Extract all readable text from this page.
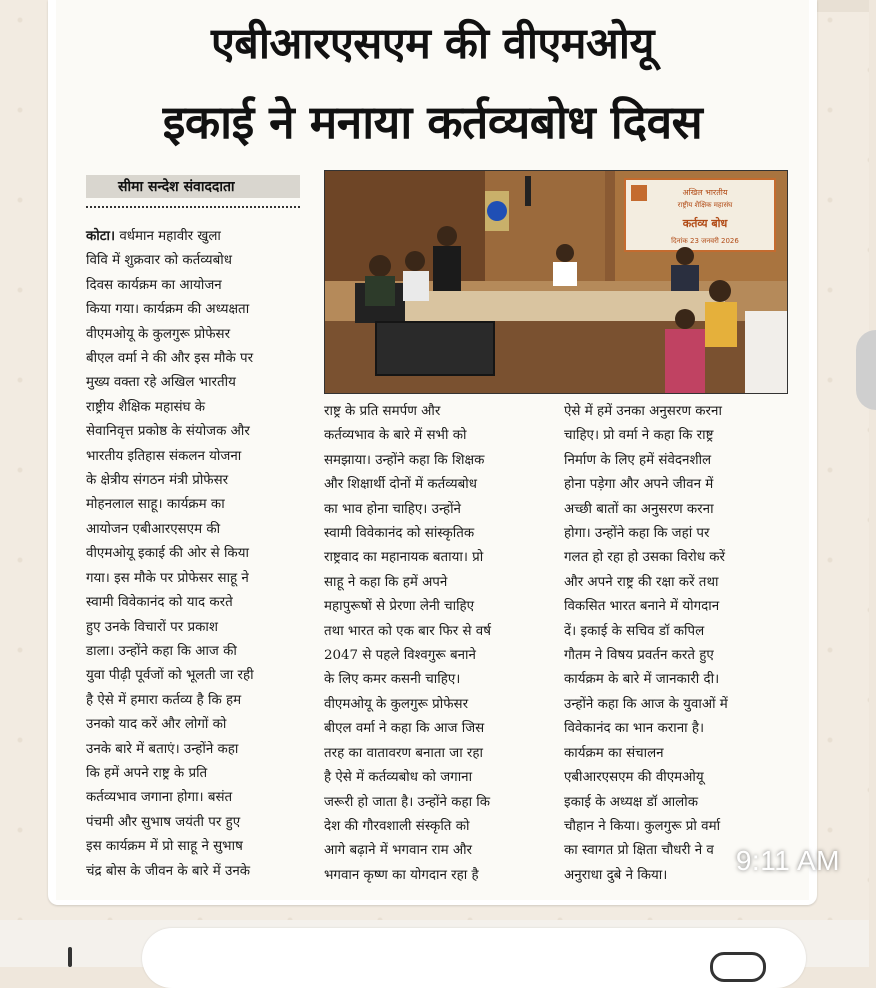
एबीआरएसएम की वीएमओयू
इकाई ने मनाया कर्तव्यबोध दिवस
सीमा सन्देश संवाददाता

कोटा। वर्धमान महावीर खुला
विवि में शुक्रवार को कर्तव्यबोध
दिवस कार्यक्रम का आयोजन
किया गया। कार्यक्रम की अध्यक्षता
वीएमओयू के कुलगुरू प्रोफेसर
बीएल वर्मा ने की और इस मौके पर
मुख्य वक्ता रहे अखिल भारतीय
राष्ट्रीय शैक्षिक महासंघ के
सेवानिवृत्त प्रकोष्ठ के संयोजक और
भारतीय इतिहास संकलन योजना
के क्षेत्रीय संगठन मंत्री प्रोफेसर
मोहनलाल साहू। कार्यक्रम का
आयोजन एबीआरएसएम की
वीएमओयू इकाई की ओर से किया
गया। इस मौके पर प्रोफेसर साहू ने
स्वामी विवेकानंद को याद करते
हुए उनके विचारों पर प्रकाश
डाला। उन्होंने कहा कि आज की
युवा पीढ़ी पूर्वजों को भूलती जा रही
है ऐसे में हमारा कर्तव्य है कि हम
उनको याद करें और लोगों को
उनके बारे में बताएं। उन्होंने कहा
कि हमें अपने राष्ट्र के प्रति
कर्तव्यभाव जगाना होगा। बसंत
पंचमी और सुभाष जयंती पर हुए
इस कार्यक्रम में प्रो साहू ने सुभाष
चंद्र बोस के जीवन के बारे में उनके

अखिल भारतीय
राष्ट्रीय शैक्षिक महासंघ
कर्तव्य बोध
दिनांक 23 जनवरी 2026

राष्ट्र के प्रति समर्पण और
कर्तव्यभाव के बारे में सभी को
समझाया। उन्होंने कहा कि शिक्षक
और शिक्षार्थी दोनों में कर्तव्यबोध
का भाव होना चाहिए। उन्होंने
स्वामी विवेकानंद को सांस्कृतिक
राष्ट्रवाद का महानायक बताया। प्रो
साहू ने कहा कि हमें अपने
महापुरूषों से प्रेरणा लेनी चाहिए
तथा भारत को एक बार फिर से वर्ष
2047 से पहले विश्वगुरू बनाने
के लिए कमर कसनी चाहिए।
वीएमओयू के कुलगुरू प्रोफेसर
बीएल वर्मा ने कहा कि आज जिस
तरह का वातावरण बनाता जा रहा
है ऐसे में कर्तव्यबोध को जगाना
जरूरी हो जाता है। उन्होंने कहा कि
देश की गौरवशाली संस्कृति को
आगे बढ़ाने में भगवान राम और
भगवान कृष्ण का योगदान रहा है

ऐसे में हमें उनका अनुसरण करना
चाहिए। प्रो वर्मा ने कहा कि राष्ट्र
निर्माण के लिए हमें संवेदनशील
होना पड़ेगा और अपने जीवन में
अच्छी बातों का अनुसरण करना
होगा। उन्होंने कहा कि जहां पर
गलत हो रहा हो उसका विरोध करें
और अपने राष्ट्र की रक्षा करें तथा
विकसित भारत बनाने में योगदान
दें। इकाई के सचिव डॉ कपिल
गौतम ने विषय प्रवर्तन करते हुए
कार्यक्रम के बारे में जानकारी दी।
उन्होंने कहा कि आज के युवाओं में
विवेकानंद का भान कराना है।
कार्यक्रम का संचालन
एबीआरएसएम की वीएमओयू
इकाई के अध्यक्ष डॉ आलोक
चौहान ने किया। कुलगुरू प्रो वर्मा
का स्वागत प्रो क्षिता चौधरी ने व
अनुराधा दुबे ने किया।	9:11 AM
